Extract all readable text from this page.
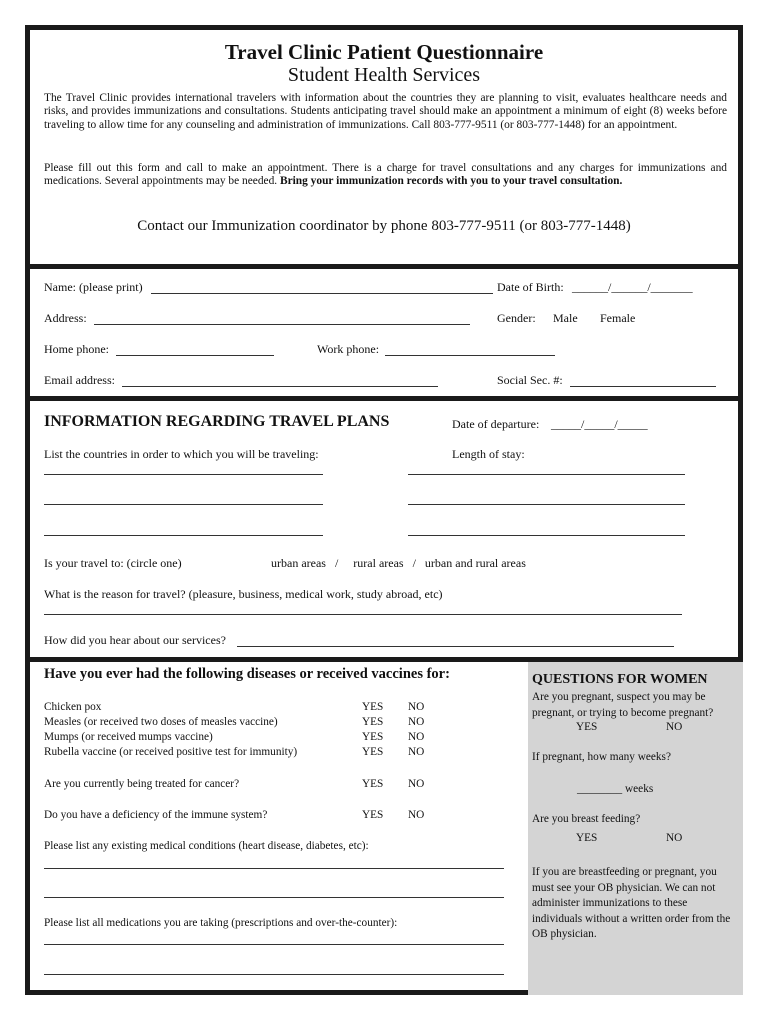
Travel Clinic Patient Questionnaire
Student Health Services
The Travel Clinic provides international travelers with information about the countries they are planning to visit, evaluates healthcare needs and risks, and provides immunizations and consultations. Students anticipating travel should make an appointment a minimum of eight (8) weeks before traveling to allow time for any counseling and administration of immunizations. Call 803-777-9511 (or 803-777-1448) for an appointment.
Please fill out this form and call to make an appointment. There is a charge for travel consultations and any charges for immunizations and medications. Several appointments may be needed. Bring your immunization records with you to your travel consultation.
Contact our Immunization coordinator by phone 803-777-9511 (or 803-777-1448)
Name: (please print)	Date of Birth: ______/______/_______
Address:	Gender: Male Female
Home phone:	Work phone:
Email address:	Social Sec. #:
INFORMATION REGARDING TRAVEL PLANS	Date of departure: _____/_____/_____
List the countries in order to which you will be traveling:	Length of stay:
Is your travel to: (circle one)	urban areas   /     rural areas   /   urban and rural areas
What is the reason for travel? (pleasure, business, medical work, study abroad, etc)
How did you hear about our services?
Have you ever had the following diseases or received vaccines for:
Chicken pox	YES NO
Measles (or received two doses of measles vaccine)	YES NO
Mumps (or received mumps vaccine)	YES NO
Rubella vaccine (or received positive test for immunity)	YES NO
Are you currently being treated for cancer?	YES NO
Do you have a deficiency of the immune system?	YES NO
Please list any existing medical conditions (heart disease, diabetes, etc):
Please list all medications you are taking (prescriptions and over-the-counter):
QUESTIONS FOR WOMEN
Are you pregnant, suspect you may be pregnant, or trying to become pregnant?
YES	NO
If pregnant, how many weeks?
________ weeks
Are you breast feeding?
YES	NO
If you are breastfeeding or pregnant, you must see your OB physician. We can not administer immunizations to these individuals without a written order from the OB physician.
